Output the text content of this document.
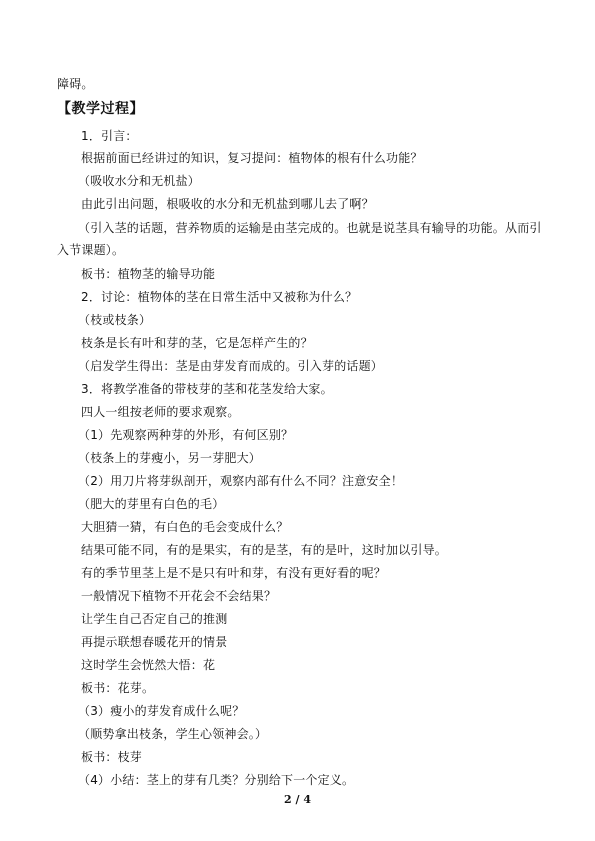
障碍。
【教学过程】
1．引言：
根据前面已经讲过的知识，复习提问：植物体的根有什么功能？
（吸收水分和无机盐）
由此引出问题，根吸收的水分和无机盐到哪儿去了啊？
（引入茎的话题，营养物质的运输是由茎完成的。也就是说茎具有输导的功能。从而引
入节课题）。
板书：植物茎的输导功能
2．讨论：植物体的茎在日常生活中又被称为什么？
（枝或枝条）
枝条是长有叶和芽的茎，它是怎样产生的？
（启发学生得出：茎是由芽发育而成的。引入芽的话题）
3．将教学准备的带枝芽的茎和花茎发给大家。
四人一组按老师的要求观察。
（1）先观察两种芽的外形，有何区别？
（枝条上的芽瘦小，另一芽肥大）
（2）用刀片将芽纵剖开，观察内部有什么不同？注意安全！
（肥大的芽里有白色的毛）
大胆猜一猜，有白色的毛会变成什么？
结果可能不同，有的是果实，有的是茎，有的是叶，这时加以引导。
有的季节里茎上是不是只有叶和芽，有没有更好看的呢？
一般情况下植物不开花会不会结果？
让学生自己否定自己的推测
再提示联想春暖花开的情景
这时学生会恍然大悟：花
板书：花芽。
（3）瘦小的芽发育成什么呢？
（顺势拿出枝条，学生心领神会。）
板书：枝芽
（4）小结：茎上的芽有几类？分别给下一个定义。
2 / 4
